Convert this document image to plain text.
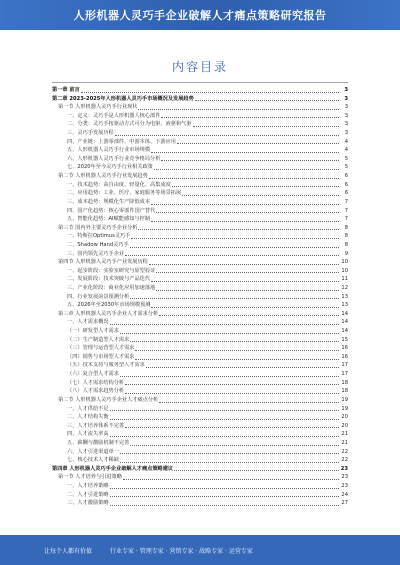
人形机器人灵巧手企业破解人才痛点策略研究报告
内容目录
第一章 前言	3
第二章 2023-2025年人形机器人灵巧手市场概况及发展趋势	3
第一节 人形机器人灵巧手行业现状	3
一、定义：灵巧手是人形机器人核心部件	3
二、分类：灵巧手按驱动方式可分为电驱、液驱和气驱	3
三、灵巧手发展历程	3
四、产业链：上游零部件、中游本体、下游应用	4
五、人形机器人灵巧手行业市场规模	4
六、人形机器人灵巧手行业竞争格局分析	5
七、2020年至今灵巧手行业相关政策	5
第二节 人形机器人灵巧手行业发展趋势	6
一、技术趋势：高自由度、轻量化、高集成度	6
二、应用趋势：工业、医疗、家庭服务等场景拓展	6
三、成本趋势：规模化生产降低成本	7
四、国产化趋势：核心零部件国产替代	7
五、智能化趋势：AI赋能感知与控制	7
第三节 国内外主要灵巧手企业分析	8
一、特斯拉Optimus灵巧手	8
二、Shadow Hand灵巧手	8
三、国内领先灵巧手企业	9
第四节 人形机器人灵巧手产业发展历程	10
一、起步阶段：实验室研究与原型验证	10
二、发展阶段：技术突破与产品迭代	11
三、产业化阶段：商业化应用加速落地	12
四、行业发展前景预测分析	13
五、2026年至2030年市场规模预测	13
第三章 人形机器人灵巧手企业人才需求分析	14
一、人才需求概况	14
（一）研发型人才需求	14
（二）生产制造型人才需求	15
（三）管理与运营型人才需求	16
（四）销售与市场型人才需求	16
（五）技术支持与服务型人才需求	17
（六）复合型人才需求	17
（七）人才需求结构分析	18
（八）人才需求趋势分析	18
第二节 人形机器人灵巧手企业人才痛点分析	19
一、人才供给不足	19
二、人才结构失衡	20
三、人才培养体系不完善	20
四、人才流失率高	21
五、薪酬与激励机制不完善	21
六、人才引进渠道单一	22
七、核心技术人才稀缺	22
第四章 人形机器人灵巧手企业破解人才痛点策略建议	23
第一节 人才培养与引进策略	23
一、人才培养策略	23
二、人才引进策略	24
三、人才激励策略	27
让每个人都有价值	行业专家 · 管理专家 · 营销专家 · 战略专家 · 运营专家
